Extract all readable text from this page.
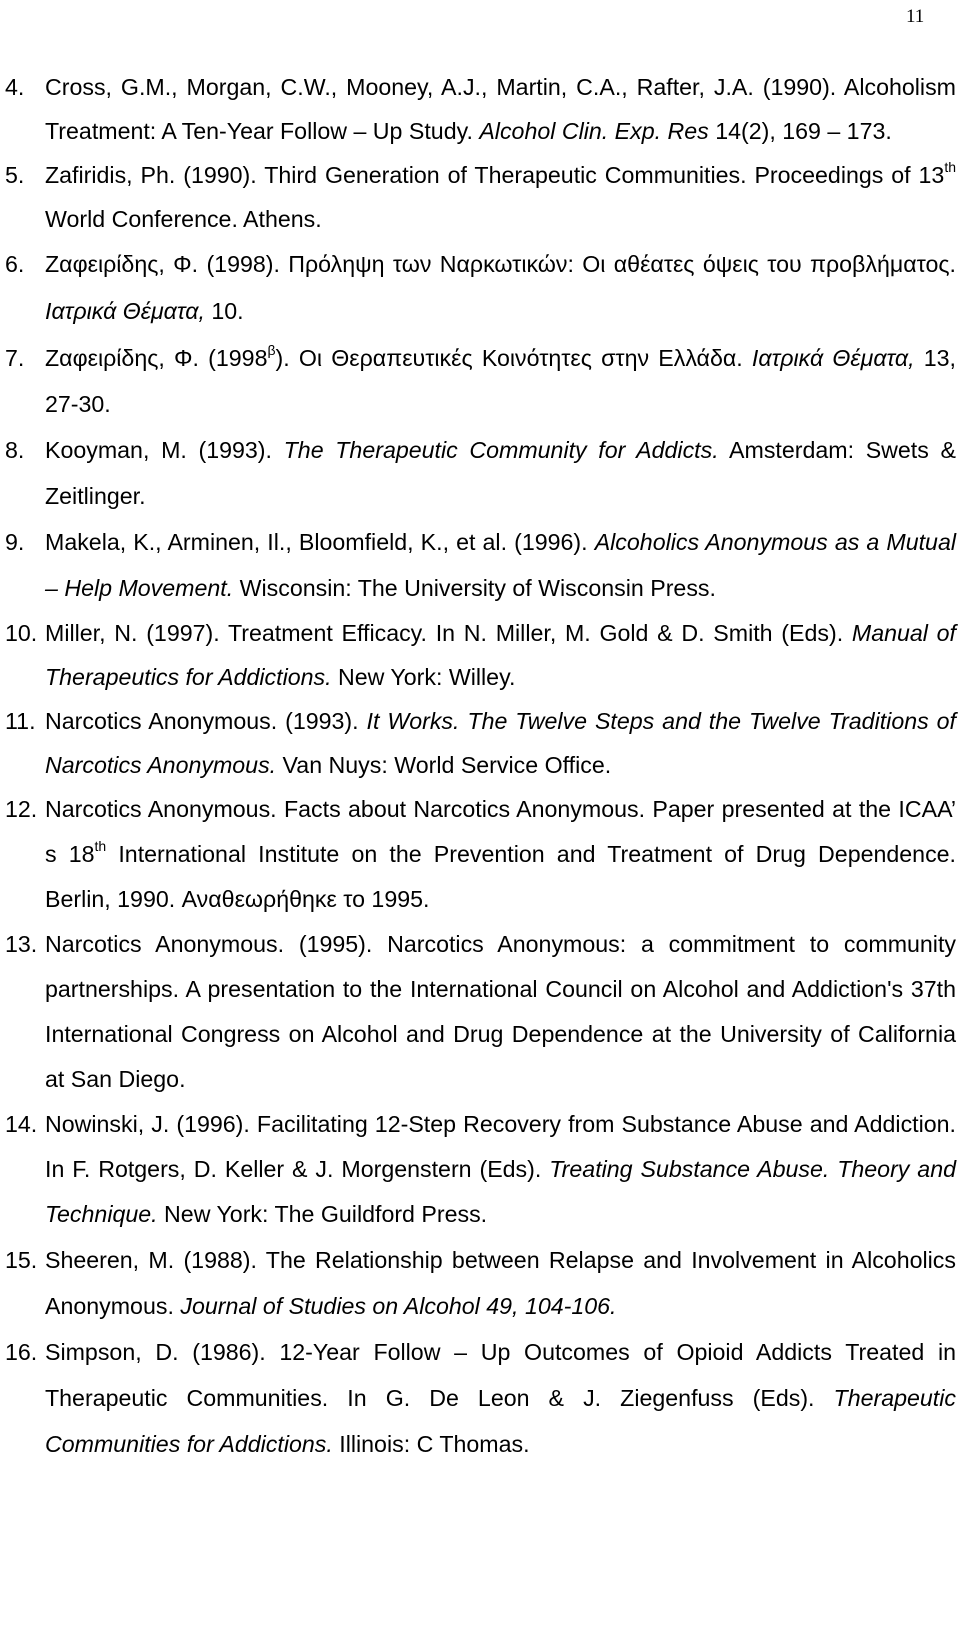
11
4. Cross, G.M., Morgan, C.W., Mooney, A.J., Martin, C.A., Rafter, J.A. (1990). Alcoholism Treatment: A Ten-Year Follow – Up Study. Alcohol Clin. Exp. Res 14(2), 169 – 173.
5. Zafiridis, Ph. (1990). Third Generation of Therapeutic Communities. Proceedings of 13th World Conference. Athens.
6. Ζαφειρίδης, Φ. (1998). Πρόληψη των Ναρκωτικών: Οι αθέατες όψεις του προβλήματος. Ιατρικά Θέματα, 10.
7. Ζαφειρίδης, Φ. $(1998^\beta)$. Οι Θεραπευτικές Κοινότητες στην Ελλάδα. Ιατρικά Θέματα, 13, 27-30.
8. Kooyman, M. (1993). The Therapeutic Community for Addicts. Amsterdam: Swets & Zeitlinger.
9. Makela, K., Arminen, Il., Bloomfield, K., et al. (1996). Alcoholics Anonymous as a Mutual – Help Movement. Wisconsin: The University of Wisconsin Press.
10. Miller, N. (1997). Treatment Efficacy. In N. Miller, M. Gold & D. Smith (Eds). Manual of Therapeutics for Addictions. New York: Willey.
11. Narcotics Anonymous. (1993). It Works. The Twelve Steps and the Twelve Traditions of Narcotics Anonymous. Van Nuys: World Service Office.
12. Narcotics Anonymous. Facts about Narcotics Anonymous. Paper presented at the ICAA’ s 18th International Institute on the Prevention and Treatment of Drug Dependence. Berlin, 1990. Αναθεωρήθηκε το 1995.
13. Narcotics Anonymous. (1995). Narcotics Anonymous: a commitment to community partnerships. A presentation to the International Council on Alcohol and Addiction's 37th International Congress on Alcohol and Drug Dependence at the University of California at San Diego.
14. Nowinski, J. (1996). Facilitating 12-Step Recovery from Substance Abuse and Addiction. In F. Rotgers, D. Keller & J. Morgenstern (Eds). Treating Substance Abuse. Theory and Technique. New York: The Guildford Press.
15. Sheeren, M. (1988). The Relationship between Relapse and Involvement in Alcoholics Anonymous. Journal of Studies on Alcohol 49, 104-106.
16. Simpson, D. (1986). 12-Year Follow – Up Outcomes of Opioid Addicts Treated in Therapeutic Communities. In G. De Leon & J. Ziegenfuss (Eds). Therapeutic Communities for Addictions. Illinois: C Thomas.
